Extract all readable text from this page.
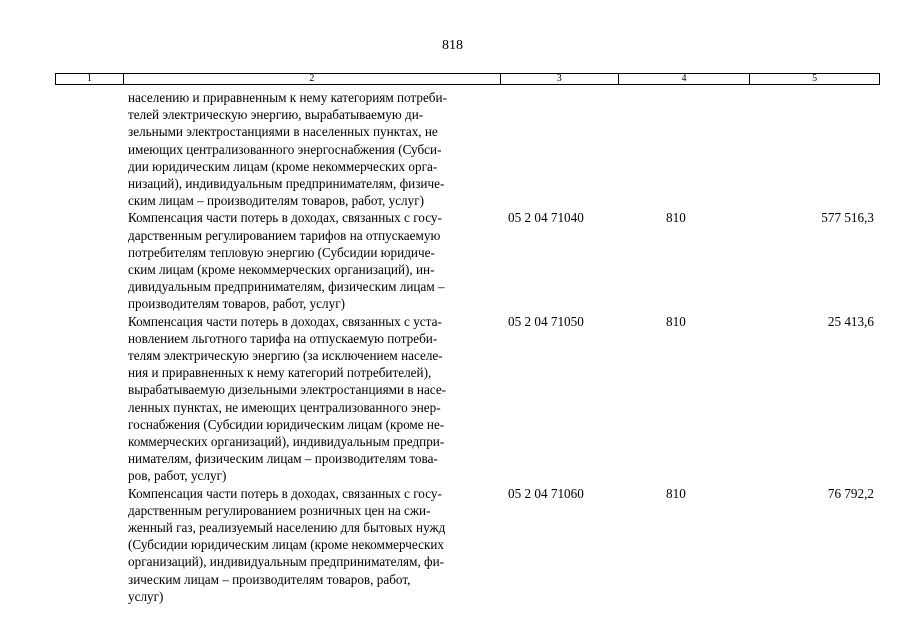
818
1	2	3	4	5
населению и приравненным к нему категориям потреби-
телей электрическую энергию, вырабатываемую ди-
зельными электростанциями в населенных пунктах, не
имеющих централизованного энергоснабжения (Субси-
дии юридическим лицам (кроме некоммерческих орга-
низаций), индивидуальным предпринимателям, физиче-
ским лицам – производителям товаров, работ, услуг)
Компенсация части потерь в доходах, связанных с госу-
дарственным регулированием тарифов на отпускаемую
потребителям тепловую энергию (Субсидии юридиче-
ским лицам (кроме некоммерческих организаций), ин-
дивидуальным предпринимателям, физическим лицам –
производителям товаров, работ, услуг)
05 2 04 71040	810	577 516,3
Компенсация части потерь в доходах, связанных с уста-
новлением льготного тарифа на отпускаемую потреби-
телям электрическую энергию (за исключением населе-
ния и приравненных к нему категорий потребителей),
вырабатываемую дизельными электростанциями в насе-
ленных пунктах, не имеющих централизованного энер-
госнабжения (Субсидии юридическим лицам (кроме не-
коммерческих организаций), индивидуальным предпри-
нимателям, физическим лицам – производителям това-
ров, работ, услуг)
05 2 04 71050	810	25 413,6
Компенсация части потерь в доходах, связанных с госу-
дарственным регулированием розничных цен на сжи-
женный газ, реализуемый населению для бытовых нужд
(Субсидии юридическим лицам (кроме некоммерческих
организаций), индивидуальным предпринимателям, фи-
зическим лицам – производителям товаров, работ,
услуг)
05 2 04 71060	810	76 792,2
